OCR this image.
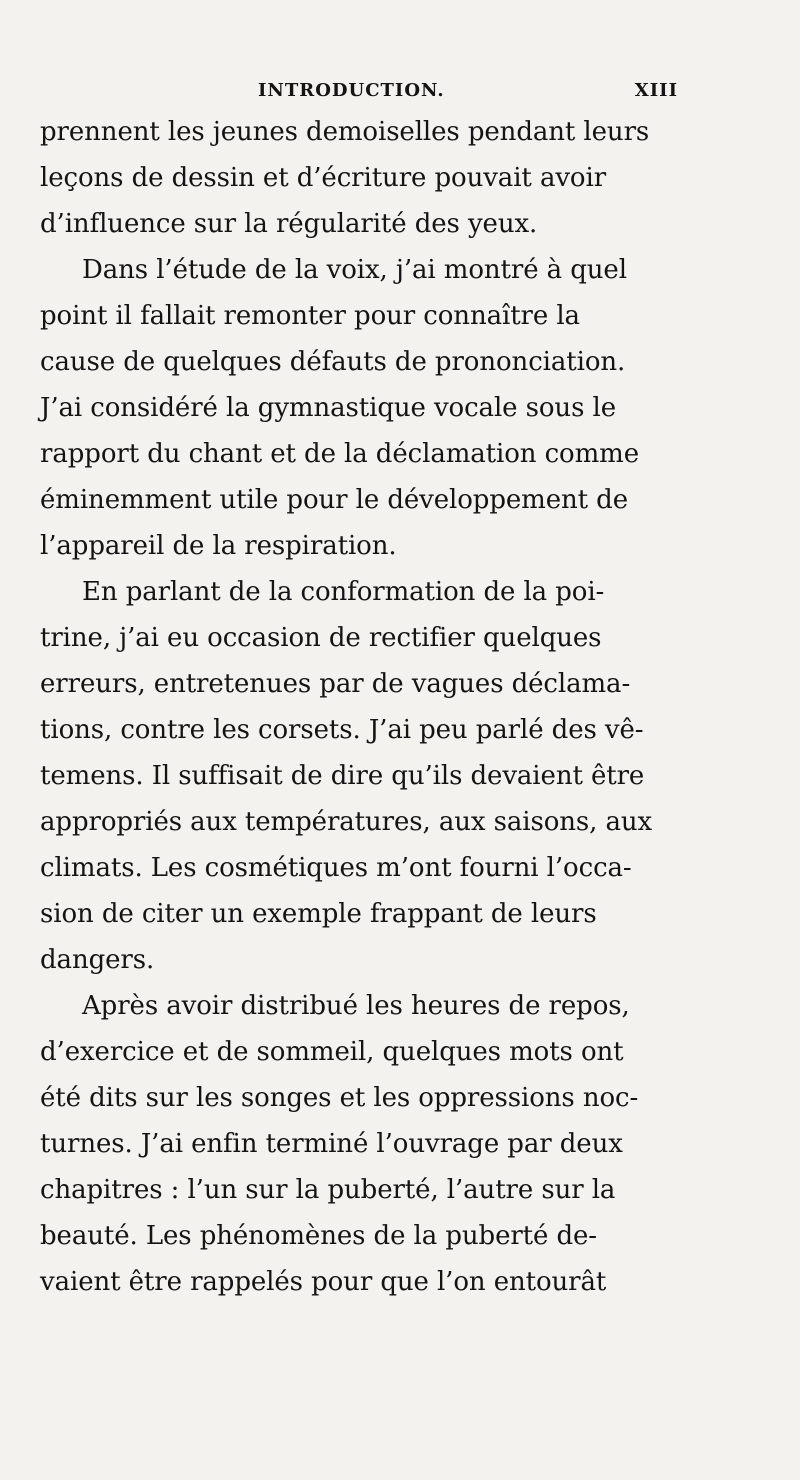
INTRODUCTION.	XIII
prennent les jeunes demoiselles pendant leurs
leçons de dessin et d’écriture pouvait avoir
d’influence sur la régularité des yeux.
Dans l’étude de la voix, j’ai montré à quel
point il fallait remonter pour connaître la
cause de quelques défauts de prononciation.
J’ai considéré la gymnastique vocale sous le
rapport du chant et de la déclamation comme
éminemment utile pour le développement de
l’appareil de la respiration.
En parlant de la conformation de la poi-
trine, j’ai eu occasion de rectifier quelques
erreurs, entretenues par de vagues déclama-
tions, contre les corsets. J’ai peu parlé des vê-
temens. Il suffisait de dire qu’ils devaient être
appropriés aux températures, aux saisons, aux
climats. Les cosmétiques m’ont fourni l’occa-
sion de citer un exemple frappant de leurs
dangers.
Après avoir distribué les heures de repos,
d’exercice et de sommeil, quelques mots ont
été dits sur les songes et les oppressions noc-
turnes. J’ai enfin terminé l’ouvrage par deux
chapitres : l’un sur la puberté, l’autre sur la
beauté. Les phénomènes de la puberté de-
vaient être rappelés pour que l’on entourât
